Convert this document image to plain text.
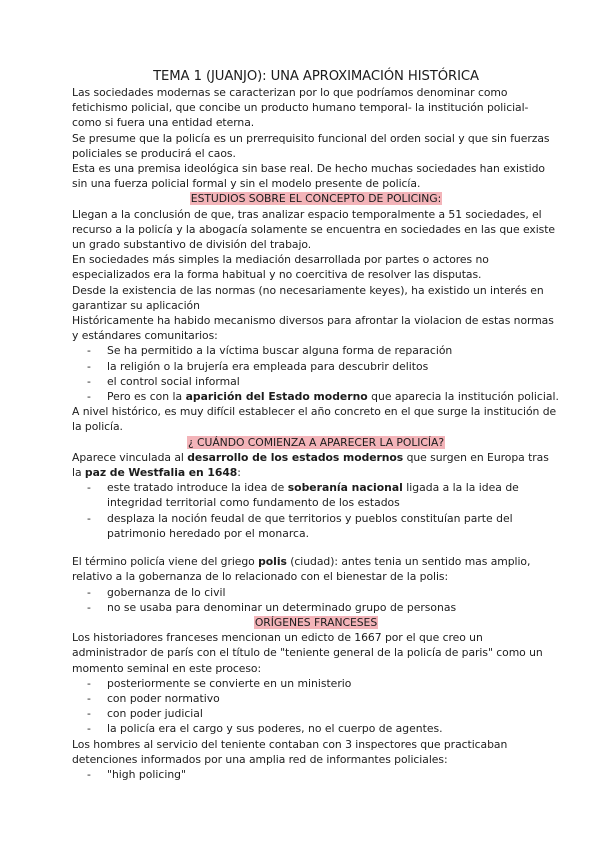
TEMA 1 (JUANJO): UNA APROXIMACIÓN HISTÓRICA

Las sociedades modernas se caracterizan por lo que podríamos denominar como fetichismo policial, que concibe un producto humano temporal- la institución policial- como si fuera una entidad eterna.

Se presume que la policía es un prerrequisito funcional del orden social y que sin fuerzas policiales se producirá el caos.

Esta es una premisa ideológica sin base real. De hecho muchas sociedades han existido sin una fuerza policial formal y sin el modelo presente de policía.

ESTUDIOS SOBRE EL CONCEPTO DE POLICING:

Llegan a la conclusión de que, tras analizar espacio temporalmente a 51 sociedades, el recurso a la policía y la abogacía solamente se encuentra en sociedades en las que existe un grado substantivo de división del trabajo.

En sociedades más simples la mediación desarrollada por partes o actores no especializados era la forma habitual y no coercitiva de resolver las disputas.

Desde la existencia de las normas (no necesariamente keyes), ha existido un interés en garantizar su aplicación

Históricamente ha habido mecanismo diversos para afrontar la violacion de estas normas y estándares comunitarios:

- Se ha permitido a la víctima buscar alguna forma de reparación
- la religión o la brujería era empleada para descubrir delitos
- el control social informal
- Pero es con la aparición del Estado moderno que aparecia la institución policial.

A nivel histórico, es muy difícil establecer el año concreto en el que surge la institución de la policía.

¿ CUÁNDO COMIENZA A APARECER LA POLICÍA?

Aparece vinculada al desarrollo de los estados modernos que surgen en Europa tras la paz de Westfalia en 1648:

- este tratado introduce la idea de soberanía nacional ligada a la la idea de integridad territorial como fundamento de los estados
- desplaza la noción feudal de que territorios y pueblos constituían parte del patrimonio heredado por el monarca.

El término policía viene del griego polis (ciudad): antes tenia un sentido mas amplio, relativo a la gobernanza de lo relacionado con el bienestar de la polis:

- gobernanza de lo civil
- no se usaba para denominar un determinado grupo de personas

ORÍGENES FRANCESES

Los historiadores franceses mencionan un edicto de 1667 por el que creo un administrador de parís con el título de "teniente general de la policía de paris" como un momento seminal en este proceso:

- posteriormente se convierte en un ministerio
- con poder normativo
- con poder judicial
- la policía era el cargo y sus poderes, no el cuerpo de agentes.

Los hombres al servicio del teniente contaban con 3 inspectores que practicaban detenciones informados por una amplia red de informantes policiales:

- "high policing"
